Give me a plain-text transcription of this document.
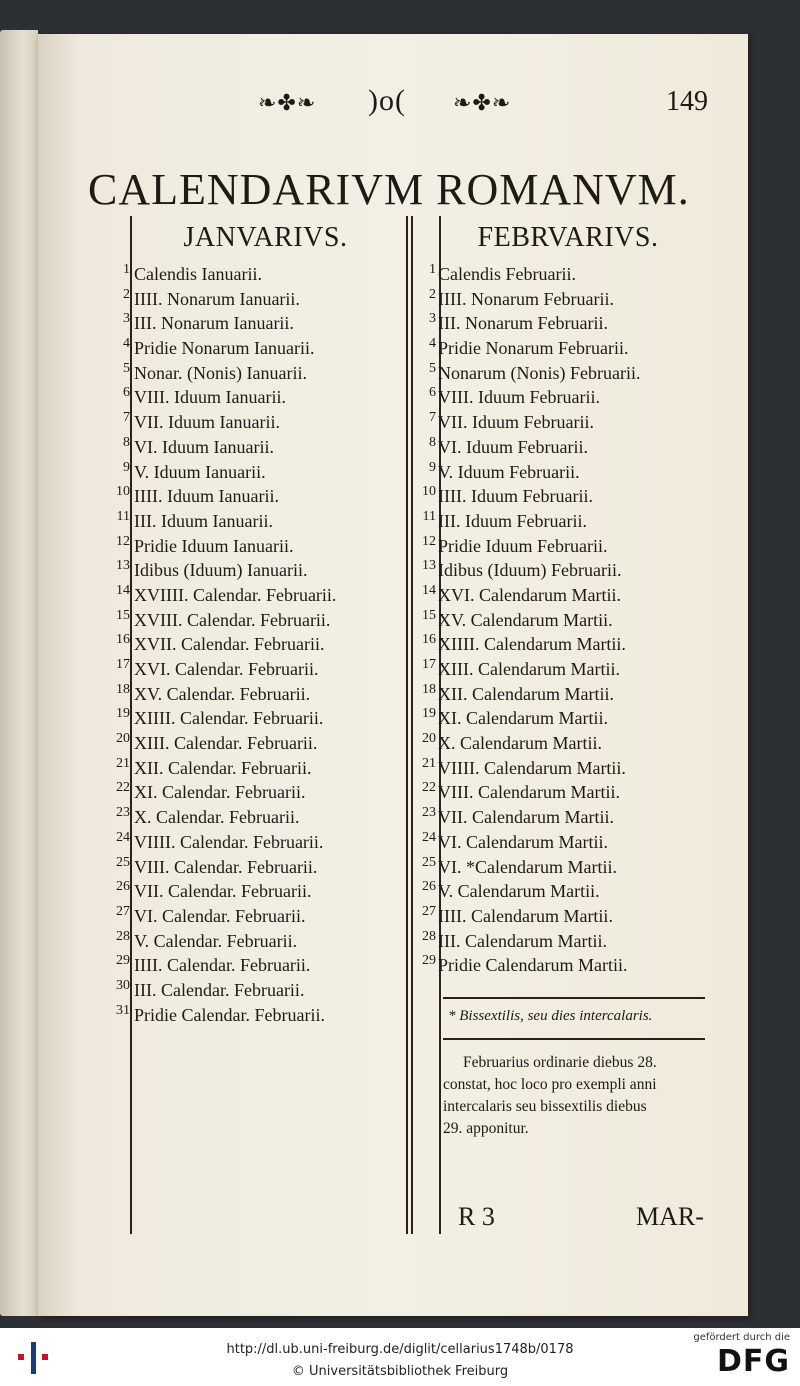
❧✤❧ )o( ❧✤❧	149
CALENDARIVM ROMANVM.
JANVARIVS.	FEBRVARIVS.
1 Calendis Ianuarii.
2 IIII. Nonarum Ianuarii.
3 III. Nonarum Ianuarii.
4 Pridie Nonarum Ianuarii.
5 Nonar. (Nonis) Ianuarii.
6 VIII. Iduum Ianuarii.
7 VII. Iduum Ianuarii.
8 VI. Iduum Ianuarii.
9 V. Iduum Ianuarii.
10 IIII. Iduum Ianuarii.
11 III. Iduum Ianuarii.
12 Pridie Iduum Ianuarii.
13 Idibus (Iduum) Ianuarii.
14 XVIIII. Calendar. Februarii.
15 XVIII. Calendar. Februarii.
16 XVII. Calendar. Februarii.
17 XVI. Calendar. Februarii.
18 XV. Calendar. Februarii.
19 XIIII. Calendar. Februarii.
20 XIII. Calendar. Februarii.
21 XII. Calendar. Februarii.
22 XI. Calendar. Februarii.
23 X. Calendar. Februarii.
24 VIIII. Calendar. Februarii.
25 VIII. Calendar. Februarii.
26 VII. Calendar. Februarii.
27 VI. Calendar. Februarii.
28 V. Calendar. Februarii.
29 IIII. Calendar. Februarii.
30 III. Calendar. Februarii.
31 Pridie Calendar. Februarii.
1 Calendis Februarii.
2 IIII. Nonarum Februarii.
3 III. Nonarum Februarii.
4 Pridie Nonarum Februarii.
5 Nonarum (Nonis) Februarii.
6 VIII. Iduum Februarii.
7 VII. Iduum Februarii.
8 VI. Iduum Februarii.
9 V. Iduum Februarii.
10 IIII. Iduum Februarii.
11 III. Iduum Februarii.
12 Pridie Iduum Februarii.
13 Idibus (Iduum) Februarii.
14 XVI. Calendarum Martii.
15 XV. Calendarum Martii.
16 XIIII. Calendarum Martii.
17 XIII. Calendarum Martii.
18 XII. Calendarum Martii.
19 XI. Calendarum Martii.
20 X. Calendarum Martii.
21 VIIII. Calendarum Martii.
22 VIII. Calendarum Martii.
23 VII. Calendarum Martii.
24 VI. Calendarum Martii.
25 VI. *Calendarum Martii.
26 V. Calendarum Martii.
27 IIII. Calendarum Martii.
28 III. Calendarum Martii.
29 Pridie Calendarum Martii.
* Bissextilis, seu dies intercalaris.
Februarius ordinarie diebus 28.
constat, hoc loco pro exempli anni
intercalaris seu bissextilis diebus
29. apponitur.
R 3	MAR-
http://dl.ub.uni-freiburg.de/diglit/cellarius1748b/0178
© Universitätsbibliothek Freiburg
gefördert durch die
DFG
